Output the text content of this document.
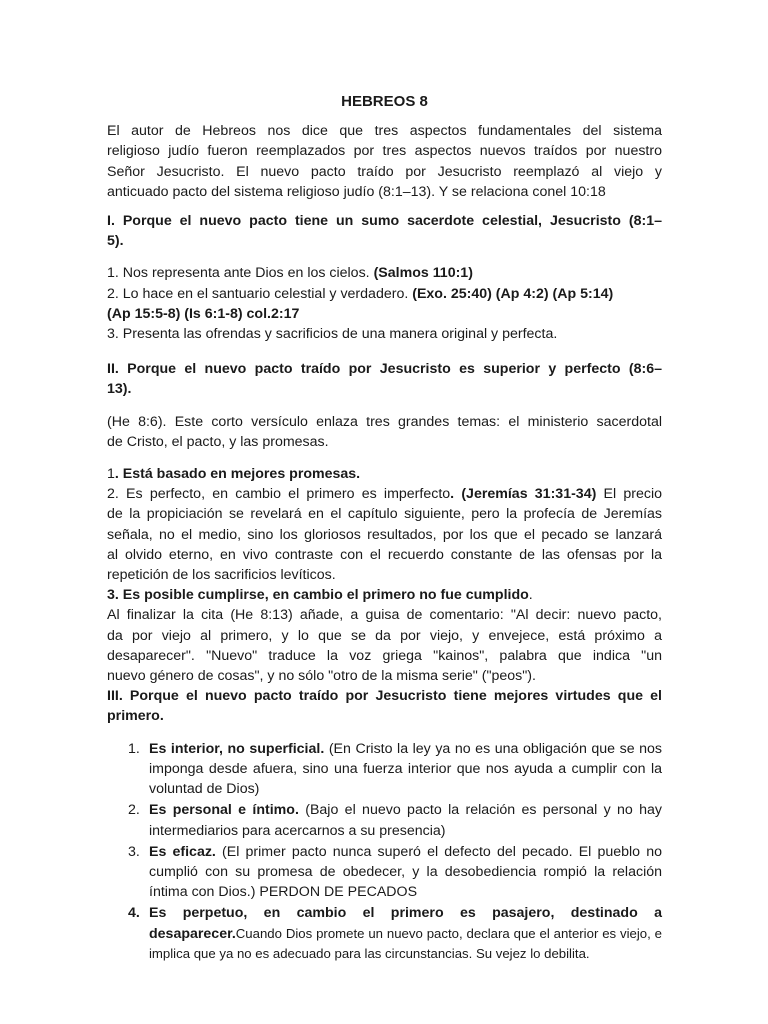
HEBREOS 8
El autor de Hebreos nos dice que tres aspectos fundamentales del sistema
religioso judío fueron reemplazados por tres aspectos nuevos traídos por nuestro
Señor Jesucristo. El nuevo pacto traído por Jesucristo reemplazó al viejo y
anticuado pacto del sistema religioso judío (8:1–13). Y se relaciona conel 10:18
I. Porque el nuevo pacto tiene un sumo sacerdote celestial, Jesucristo (8:1–
5).

1. Nos representa ante Dios en los cielos. (Salmos 110:1)

2. Lo hace en el santuario celestial y verdadero. (Exo. 25:40) (Ap 4:2) (Ap 5:14)
(Ap 15:5-8) (Is 6:1-8) col.2:17

3. Presenta las ofrendas y sacrificios de una manera original y perfecta.

II. Porque el nuevo pacto traído por Jesucristo es superior y perfecto (8:6–
13).
(He 8:6). Este corto versículo enlaza tres grandes temas: el ministerio sacerdotal
de Cristo, el pacto, y las promesas.

1. Está basado en mejores promesas.

2. Es perfecto, en cambio el primero es imperfecto. (Jeremías 31:31-34) El precio
de la propiciación se revelará en el capítulo siguiente, pero la profecía de Jeremías
señala, no el medio, sino los gloriosos resultados, por los que el pecado se lanzará
al olvido eterno, en vivo contraste con el recuerdo constante de las ofensas por la
repetición de los sacrificios levíticos.

3. Es posible cumplirse, en cambio el primero no fue cumplido.

Al finalizar la cita (He 8:13) añade, a guisa de comentario: "Al decir: nuevo pacto,
da por viejo al primero, y lo que se da por viejo, y envejece, está próximo a
desaparecer". "Nuevo" traduce la voz griega "kainos", palabra que indica "un
nuevo género de cosas", y no sólo "otro de la misma serie" ("peos").
III. Porque el nuevo pacto traído por Jesucristo tiene mejores virtudes que el
primero.
1. Es interior, no superficial. (En Cristo la ley ya no es una obligación que se nos imponga desde afuera, sino una fuerza interior que nos ayuda a cumplir con la voluntad de Dios)
2. Es personal e íntimo. (Bajo el nuevo pacto la relación es personal y no hay intermediarios para acercarnos a su presencia)
3. Es eficaz. (El primer pacto nunca superó el defecto del pecado. El pueblo no cumplió con su promesa de obedecer, y la desobediencia rompió la relación íntima con Dios.) PERDON DE PECADOS
4. Es perpetuo, en cambio el primero es pasajero, destinado a desaparecer.Cuando Dios promete un nuevo pacto, declara que el anterior es viejo, e implica que ya no es adecuado para las circunstancias. Su vejez lo debilita.
